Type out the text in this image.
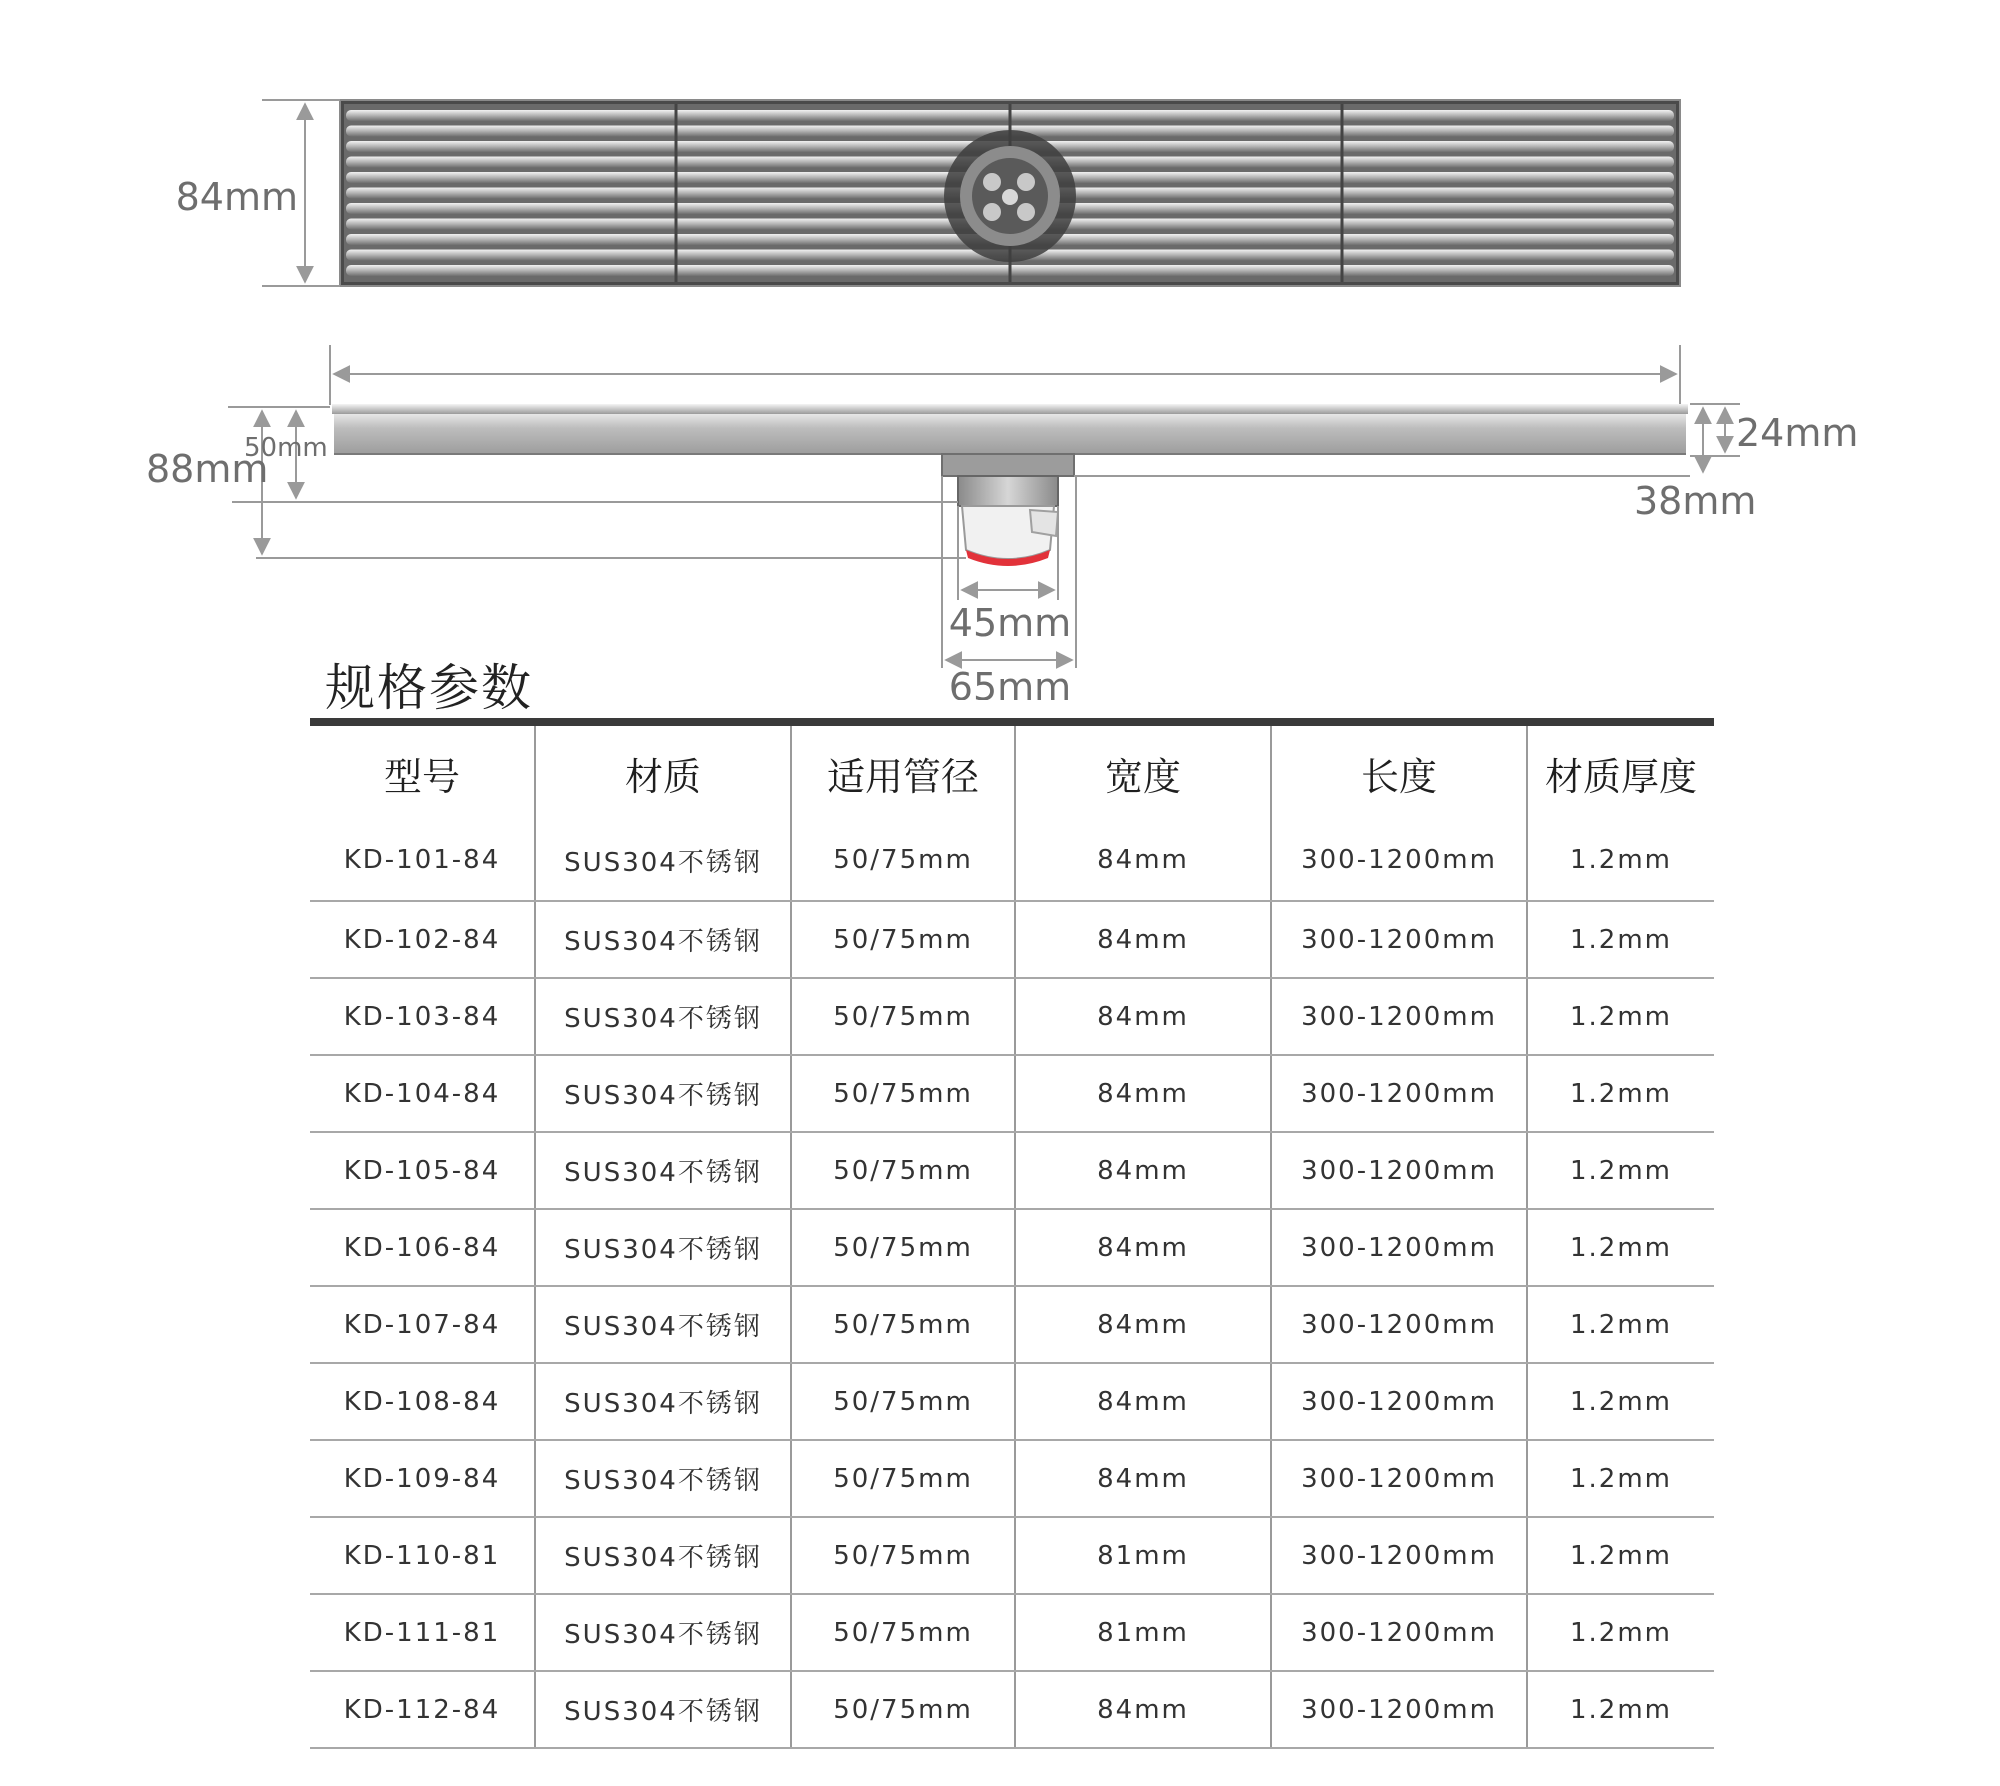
84mm
88mm
50mm	24mm
38mm
45mm
65mm
规格参数
型号	材质	适用管径	宽度	长度	材质厚度
KD-101-84	SUS304不锈钢	50/75mm	84mm	300-1200mm	1.2mm
KD-102-84	SUS304不锈钢	50/75mm	84mm	300-1200mm	1.2mm
KD-103-84	SUS304不锈钢	50/75mm	84mm	300-1200mm	1.2mm
KD-104-84	SUS304不锈钢	50/75mm	84mm	300-1200mm	1.2mm
KD-105-84	SUS304不锈钢	50/75mm	84mm	300-1200mm	1.2mm
KD-106-84	SUS304不锈钢	50/75mm	84mm	300-1200mm	1.2mm
KD-107-84	SUS304不锈钢	50/75mm	84mm	300-1200mm	1.2mm
KD-108-84	SUS304不锈钢	50/75mm	84mm	300-1200mm	1.2mm
KD-109-84	SUS304不锈钢	50/75mm	84mm	300-1200mm	1.2mm
KD-110-81	SUS304不锈钢	50/75mm	81mm	300-1200mm	1.2mm
KD-111-81	SUS304不锈钢	50/75mm	81mm	300-1200mm	1.2mm
KD-112-84	SUS304不锈钢	50/75mm	84mm	300-1200mm	1.2mm
